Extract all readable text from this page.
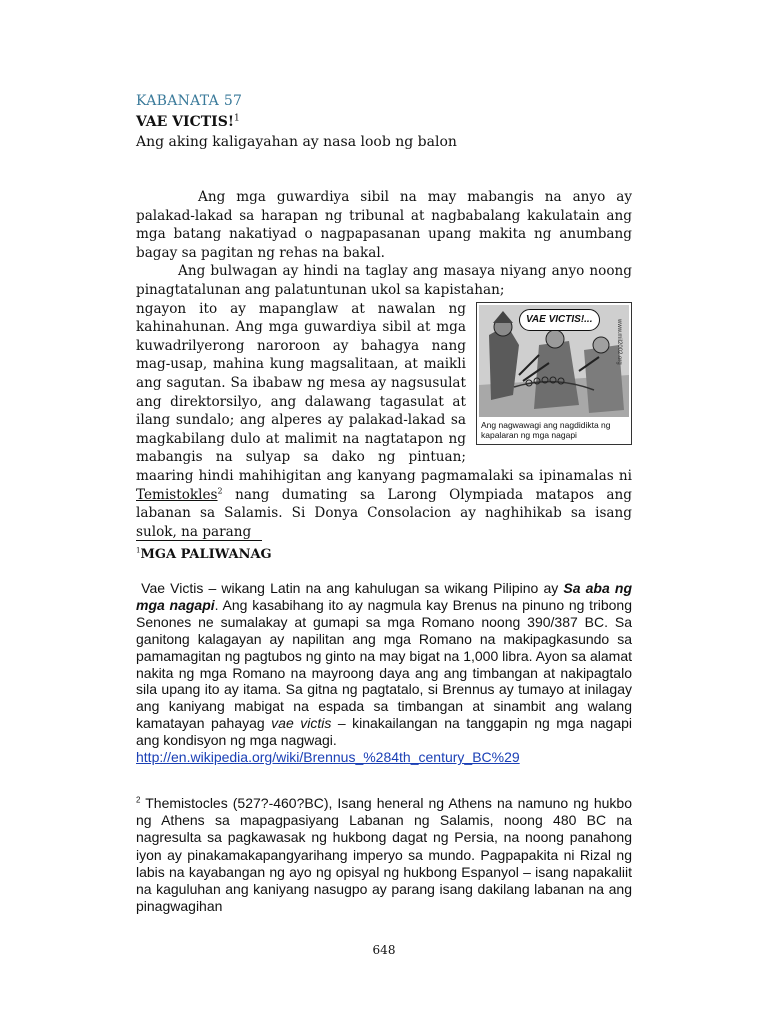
KABANATA 57
VAE VICTIS!$^1$
Ang aking kaligayahan ay nasa loob ng balon

Ang mga guwardiya sibil na may mabangis na anyo ay palakad-lakad sa harapan ng tribunal at nagbabalang kakulatain ang mga batang nakatiyad o nagpapasanan upang makita ng anumbang bagay sa pagitan ng rehas na bakal.

Ang bulwagan ay hindi na taglay ang masaya niyang anyo noong pinagtatalunan ang palatuntunan ukol sa kapistahan;

VAE VICTIS!...	www.mil2002.org
Ang nagwawagi ang nagdidikta ng kapalaran ng mga nagapi
ngayon ito ay mapanglaw at nawalan ng kahinahunan. Ang mga guwardiya sibil at mga kuwadrilyerong naroroon ay bahagya nang mag-usap, mahina kung magsalitaan, at maikli ang sagutan. Sa ibabaw ng mesa ay nagsusulat ang direktorsilyo, ang dalawang tagasulat at ilang sundalo; ang alperes ay palakad-lakad sa magkabilang dulo at malimit na nagtatapon ng mabangis na sulyap sa dako ng pintuan; maaring hindi mahihigitan ang kanyang pagmamalaki sa ipinamalas ni Temistokles$^2$ nang dumating sa Larong Olympiada matapos ang labanan sa Salamis. Si Donya Consolacion ay naghihikab sa isang sulok, na parang

$^1$MGA PALIWANAG

Vae Victis – wikang Latin na ang kahulugan sa wikang Pilipino ay Sa aba ng mga nagapi. Ang kasabihang ito ay nagmula kay Brenus na pinuno ng tribong Senones ne sumalakay at gumapi sa mga Romano noong 390/387 BC. Sa ganitong kalagayan ay napilitan ang mga Romano na makipagkasundo sa pamamagitan ng pagtubos ng ginto na may bigat na 1,000 libra. Ayon sa alamat nakita ng mga Romano na mayroong daya ang ang timbangan at nakipagtalo sila upang ito ay itama. Sa gitna ng pagtatalo, si Brennus ay tumayo at inilagay ang kaniyang mabigat na espada sa timbangan at sinambit ang walang kamatayan pahayag vae victis – kinakailangan na tanggapin ng mga nagapi ang kondisyon ng mga nagwagi.

http://en.wikipedia.org/wiki/Brennus_%284th_century_BC%29

$^2$ Themistocles (527?-460?BC), Isang heneral ng Athens na namuno ng hukbo ng Athens sa mapagpasiyang Labanan ng Salamis, noong 480 BC na nagresulta sa pagkawasak ng hukbong dagat ng Persia, na noong panahong iyon ay pinakamakapangyarihang imperyo sa mundo. Pagpapakita ni Rizal ng labis na kayabangan ng ayo ng opisyal ng hukbong Espanyol – isang napakaliit na kaguluhan ang kaniyang nasugpo ay parang isang dakilang labanan na ang pinagwagihan

648
